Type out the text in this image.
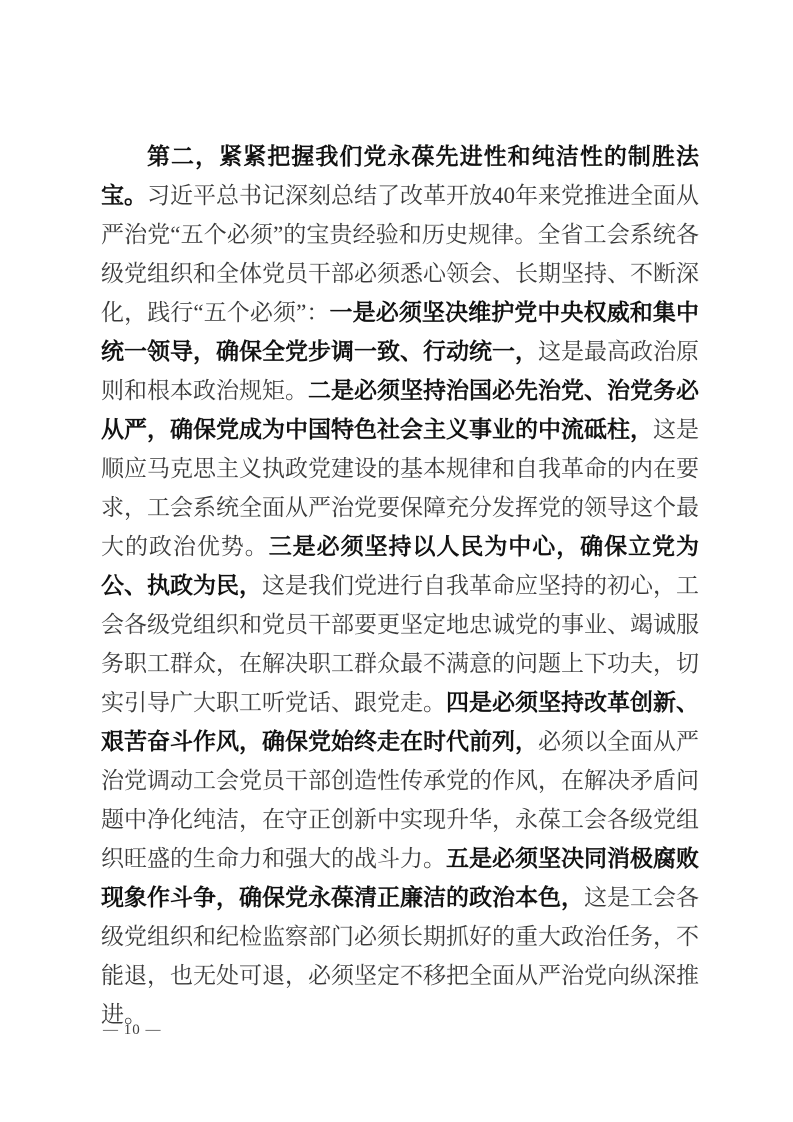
第二，紧紧把握我们党永葆先进性和纯洁性的制胜法宝。习近平总书记深刻总结了改革开放40年来党推进全面从严治党“五个必须”的宝贵经验和历史规律。全省工会系统各级党组织和全体党员干部必须悉心领会、长期坚持、不断深化，践行“五个必须”：一是必须坚决维护党中央权威和集中统一领导，确保全党步调一致、行动统一，这是最高政治原则和根本政治规矩。二是必须坚持治国必先治党、治党务必从严，确保党成为中国特色社会主义事业的中流砥柱，这是顺应马克思主义执政党建设的基本规律和自我革命的内在要求，工会系统全面从严治党要保障充分发挥党的领导这个最大的政治优势。三是必须坚持以人民为中心，确保立党为公、执政为民，这是我们党进行自我革命应坚持的初心，工会各级党组织和党员干部要更坚定地忠诚党的事业、竭诚服务职工群众，在解决职工群众最不满意的问题上下功夫，切实引导广大职工听党话、跟党走。四是必须坚持改革创新、艰苦奋斗作风，确保党始终走在时代前列，必须以全面从严治党调动工会党员干部创造性传承党的作风，在解决矛盾问题中净化纯洁，在守正创新中实现升华，永葆工会各级党组织旺盛的生命力和强大的战斗力。五是必须坚决同消极腐败现象作斗争，确保党永葆清正廉洁的政治本色，这是工会各级党组织和纪检监察部门必须长期抓好的重大政治任务，不能退，也无处可退，必须坚定不移把全面从严治党向纵深推进。

— 10 —
